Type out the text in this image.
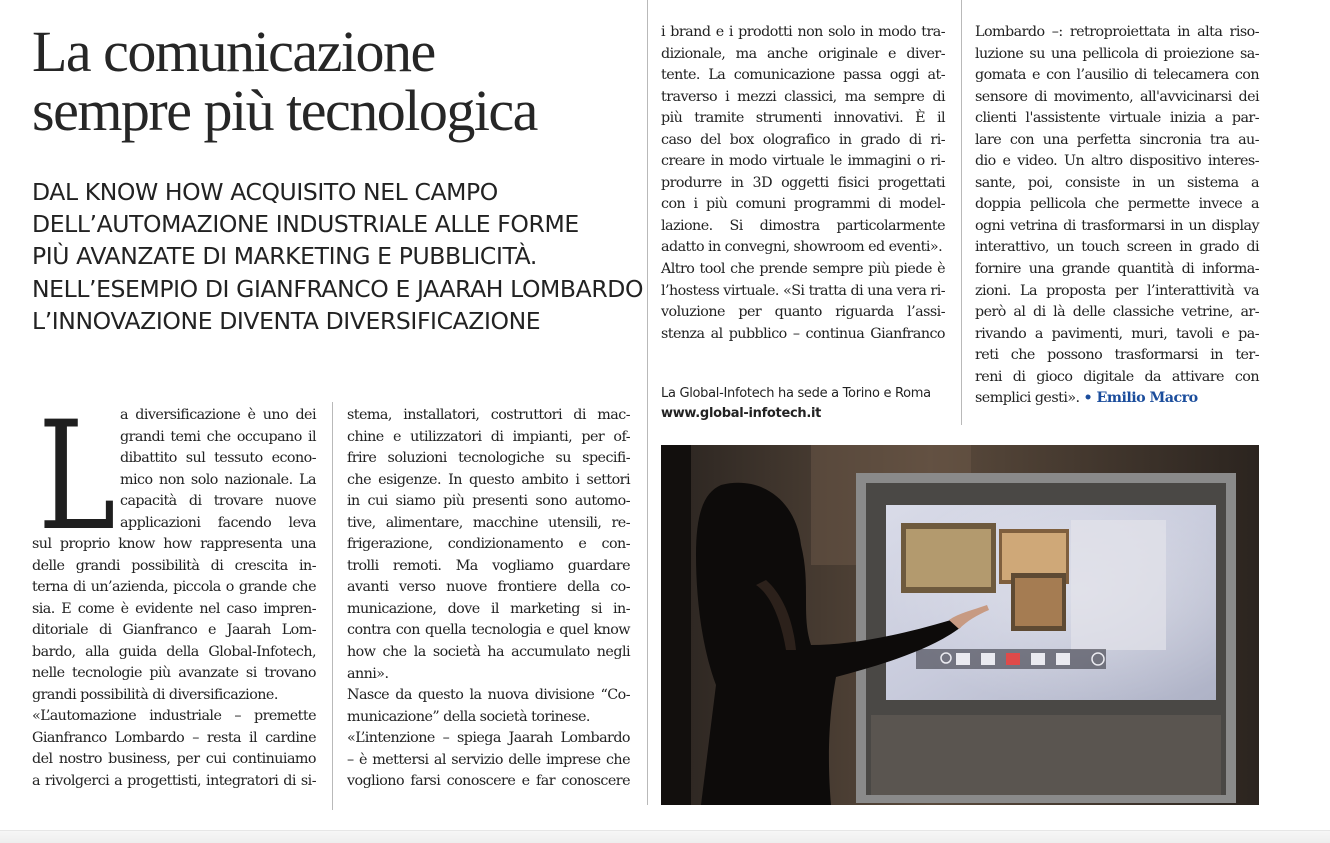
La comunicazione
sempre più tecnologica
DAL KNOW HOW ACQUISITO NEL CAMPO
DELL’AUTOMAZIONE INDUSTRIALE ALLE FORME
PIÙ AVANZATE DI MARKETING E PUBBLICITÀ.
NELL’ESEMPIO DI GIANFRANCO E JAARAH LOMBARDO
L’INNOVAZIONE DIVENTA DIVERSIFICAZIONE
L a diversificazione è uno dei
grandi temi che occupano il
dibattito sul tessuto econo-
mico non solo nazionale. La
capacità di trovare nuove
applicazioni facendo leva
sul proprio know how rappresenta una
delle grandi possibilità di crescita in-
terna di un’azienda, piccola o grande che
sia. E come è evidente nel caso impren-
ditoriale di Gianfranco e Jaarah Lom-
bardo, alla guida della Global-Infotech,
nelle tecnologie più avanzate si trovano
grandi possibilità di diversificazione.
«L’automazione industriale – premette
Gianfranco Lombardo – resta il cardine
del nostro business, per cui continuiamo
a rivolgerci a progettisti, integratori di si-
stema, installatori, costruttori di mac-
chine e utilizzatori di impianti, per of-
frire soluzioni tecnologiche su specifi-
che esigenze. In questo ambito i settori
in cui siamo più presenti sono automo-
tive, alimentare, macchine utensili, re-
frigerazione, condizionamento e con-
trolli remoti. Ma vogliamo guardare
avanti verso nuove frontiere della co-
municazione, dove il marketing si in-
contra con quella tecnologia e quel know
how che la società ha accumulato negli
anni».
Nasce da questo la nuova divisione “Co-
municazione” della società torinese.
«L’intenzione – spiega Jaarah Lombardo
– è mettersi al servizio delle imprese che
vogliono farsi conoscere e far conoscere
i brand e i prodotti non solo in modo tra-
dizionale, ma anche originale e diver-
tente. La comunicazione passa oggi at-
traverso i mezzi classici, ma sempre di
più tramite strumenti innovativi. È il
caso del box olografico in grado di ri-
creare in modo virtuale le immagini o ri-
produrre in 3D oggetti fisici progettati
con i più comuni programmi di model-
lazione. Si dimostra particolarmente
adatto in convegni, showroom ed eventi».
Altro tool che prende sempre più piede è
l’hostess virtuale. «Si tratta di una vera ri-
voluzione per quanto riguarda l’assi-
stenza al pubblico – continua Gianfranco
Lombardo –: retroproiettata in alta riso-
luzione su una pellicola di proiezione sa-
gomata e con l’ausilio di telecamera con
sensore di movimento, all'avvicinarsi dei
clienti l'assistente virtuale inizia a par-
lare con una perfetta sincronia tra au-
dio e video. Un altro dispositivo interes-
sante, poi, consiste in un sistema a
doppia pellicola che permette invece a
ogni vetrina di trasformarsi in un display
interattivo, un touch screen in grado di
fornire una grande quantità di informa-
zioni. La proposta per l’interattività va
però al di là delle classiche vetrine, ar-
rivando a pavimenti, muri, tavoli e pa-
reti che possono trasformarsi in ter-
reni di gioco digitale da attivare con
semplici gesti». • Emilio Macro
La Global-Infotech ha sede a Torino e Roma
www.global-infotech.it
